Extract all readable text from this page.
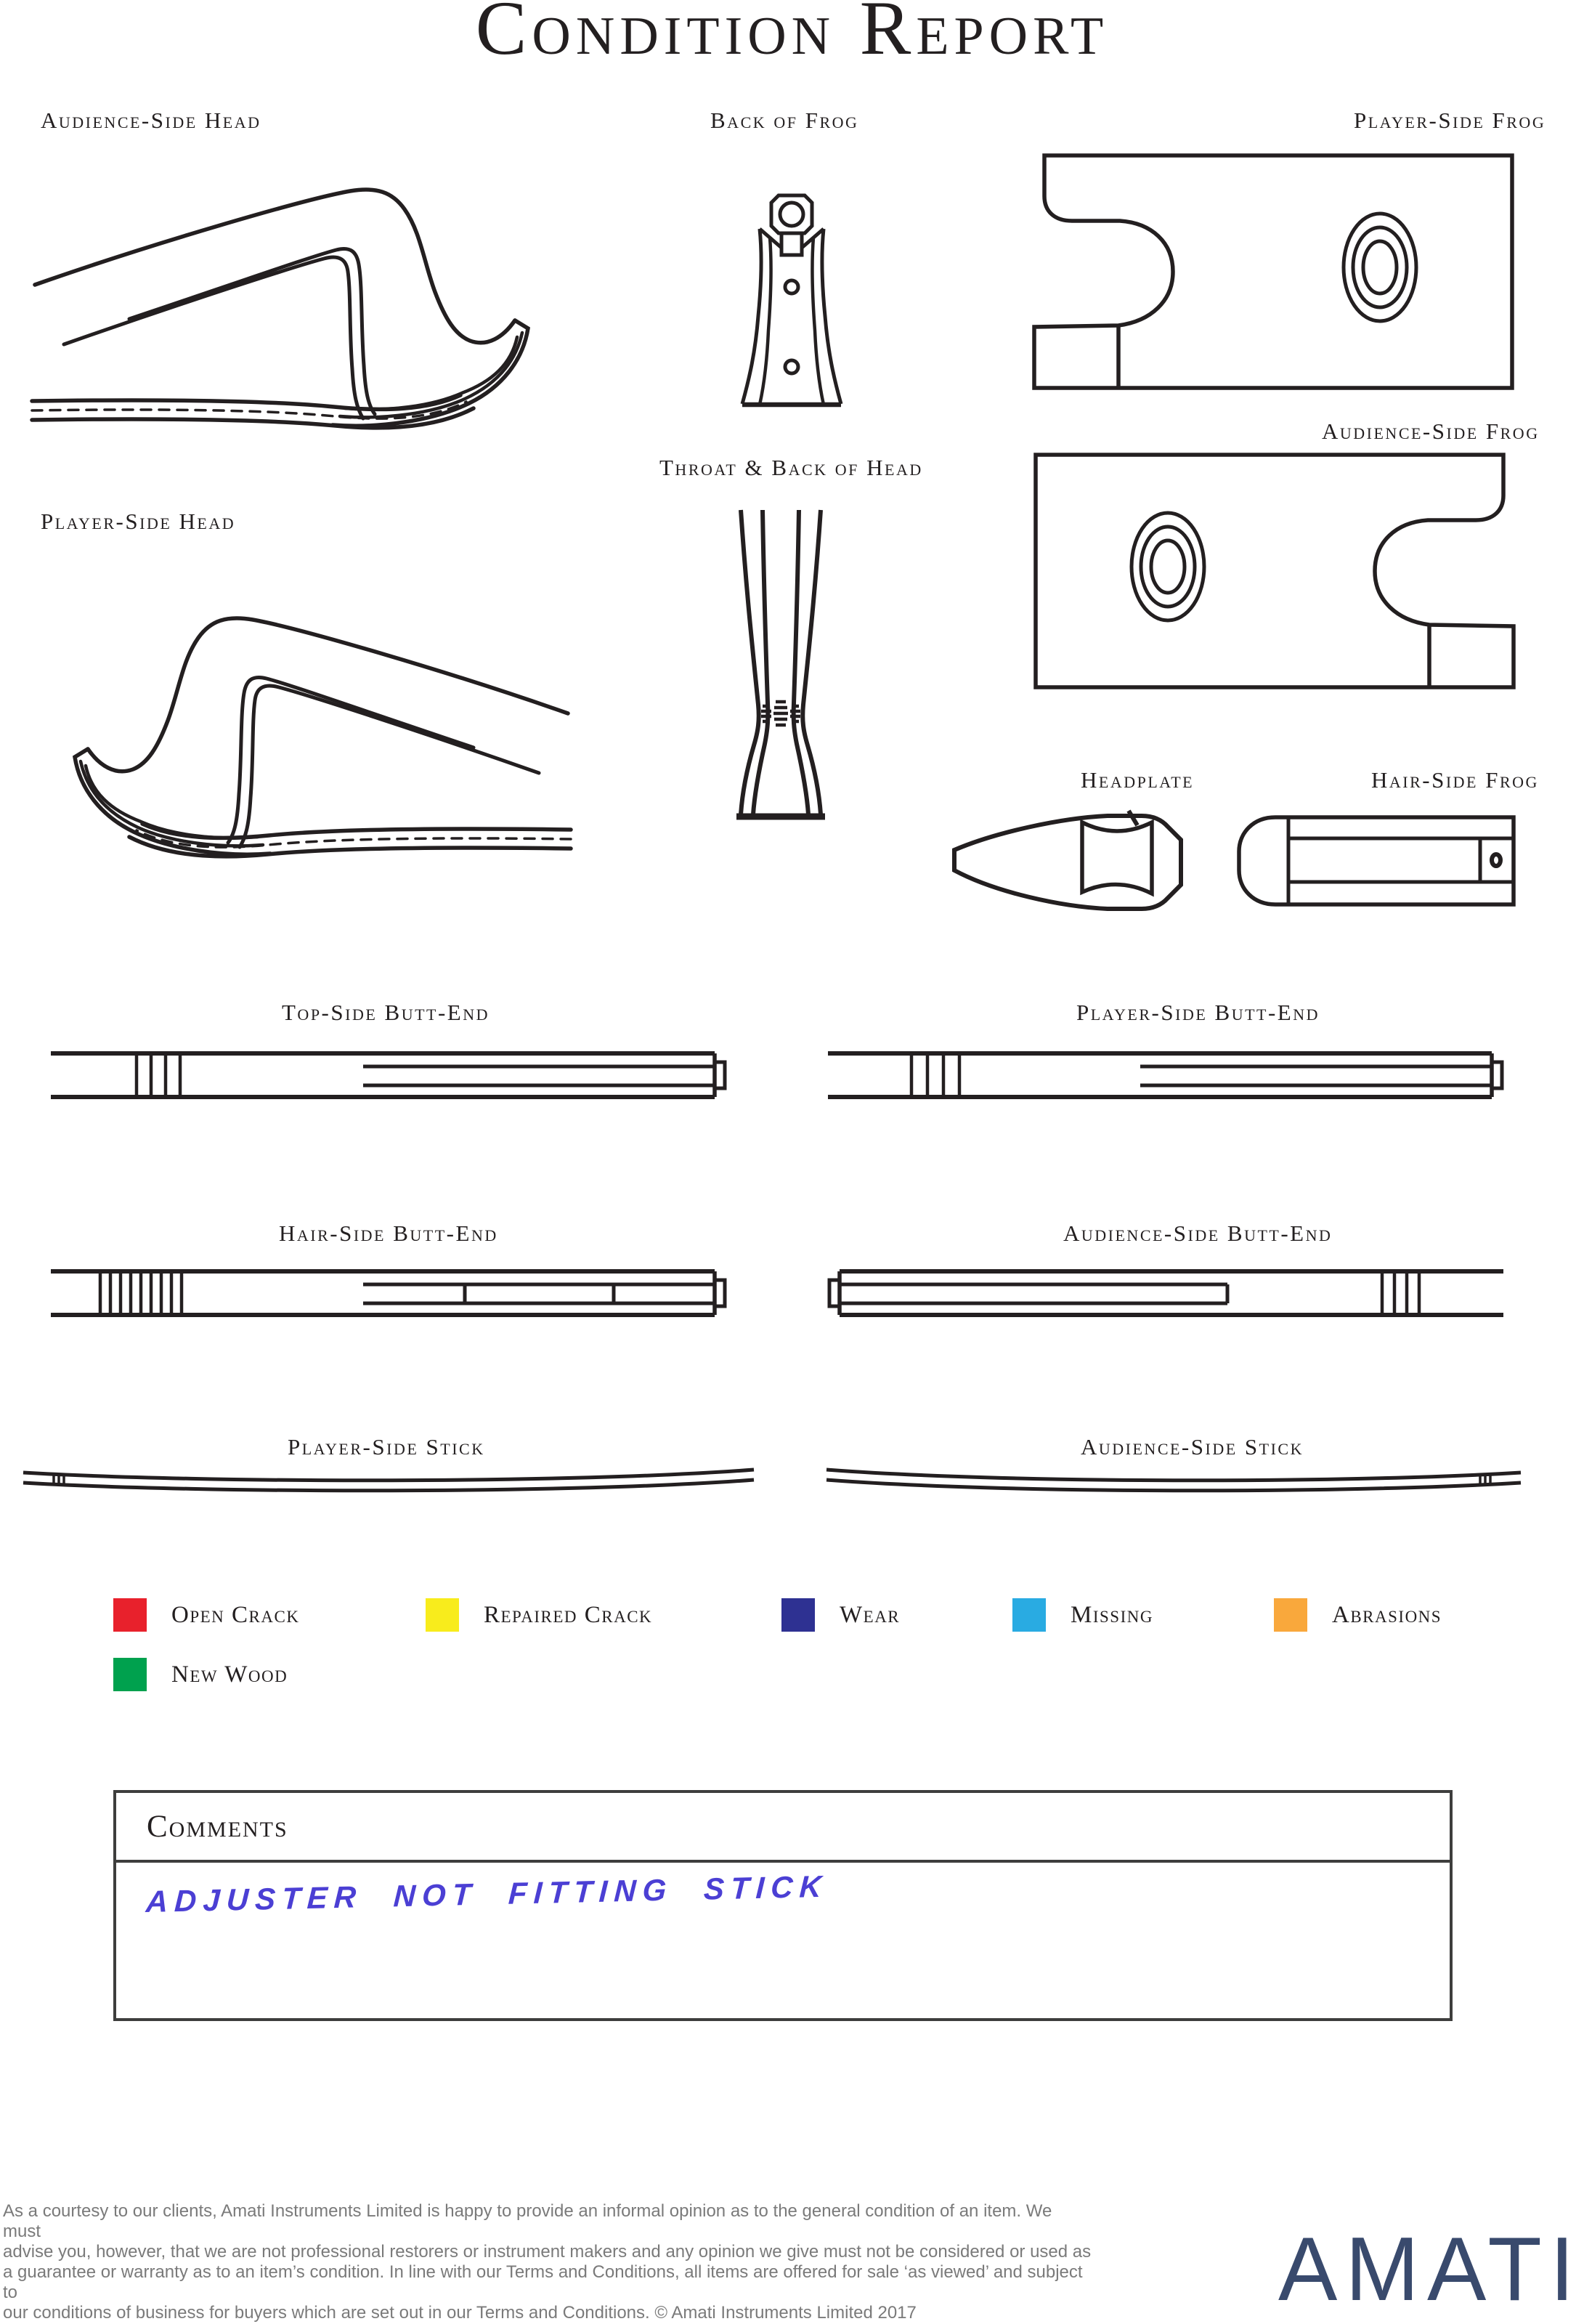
Condition Report
Audience-Side Head	Back of Frog	Player-Side Frog
Audience-Side Frog
Player-Side Head
Throat & Back of Head
Headplate	Hair-Side Frog
Top-Side Butt-End	Player-Side Butt-End
Hair-Side Butt-End	Audience-Side Butt-End
Player-Side Stick	Audience-Side Stick
Open Crack	Repaired Crack	Wear	Missing	Abrasions
New Wood
Comments
ADJUSTER NOT FITTING STICK
As a courtesy to our clients, Amati Instruments Limited is happy to provide an informal opinion as to the general condition of an item. We must
advise you, however, that we are not professional restorers or instrument makers and any opinion we give must not be considered or used as
a guarantee or warranty as to an item’s condition. In line with our Terms and Conditions, all items are offered for sale ‘as viewed’ and subject to
our conditions of business for buyers which are set out in our Terms and Conditions. © Amati Instruments Limited 2017	AMATI
